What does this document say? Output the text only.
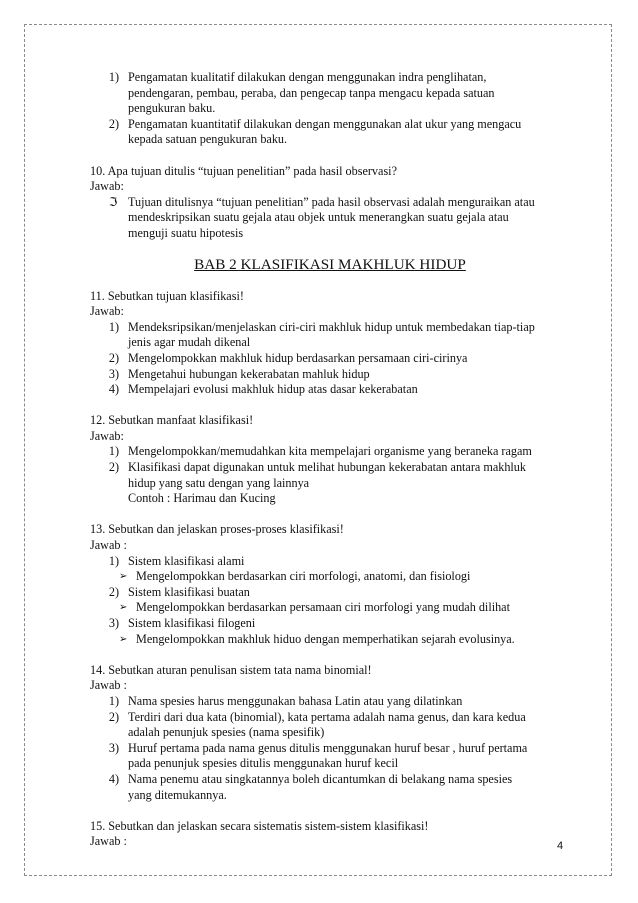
1) Pengamatan kualitatif dilakukan dengan menggunakan indra penglihatan,
pendengaran, pembau, peraba, dan pengecap tanpa mengacu kepada satuan
pengukuran baku.
2) Pengamatan kuantitatif dilakukan dengan menggunakan alat ukur yang mengacu
kepada satuan pengukuran baku.
10. Apa tujuan ditulis “tujuan penelitian” pada hasil observasi?
Jawab:
ℑ Tujuan ditulisnya “tujuan penelitian” pada hasil observasi adalah menguraikan atau
mendeskripsikan suatu gejala atau objek untuk menerangkan suatu gejala atau
menguji suatu hipotesis
BAB 2 KLASIFIKASI MAKHLUK HIDUP
11. Sebutkan tujuan klasifikasi!
Jawab:
1) Mendeksripsikan/menjelaskan ciri-ciri makhluk hidup untuk membedakan tiap-tiap
jenis agar mudah dikenal
2) Mengelompokkan makhluk hidup berdasarkan persamaan ciri-cirinya
3) Mengetahui hubungan kekerabatan mahluk hidup
4) Mempelajari evolusi makhluk hidup atas dasar kekerabatan
12. Sebutkan manfaat klasifikasi!
Jawab:
1) Mengelompokkan/memudahkan kita mempelajari organisme yang beraneka ragam
2) Klasifikasi dapat digunakan untuk melihat hubungan kekerabatan antara makhluk
hidup yang satu dengan yang lainnya
Contoh : Harimau dan Kucing
13. Sebutkan dan jelaskan proses-proses klasifikasi!
Jawab :
1) Sistem klasifikasi alami
➢ Mengelompokkan berdasarkan ciri morfologi, anatomi, dan fisiologi
2) Sistem klasifikasi buatan
➢ Mengelompokkan berdasarkan persamaan ciri morfologi yang mudah dilihat
3) Sistem klasifikasi filogeni
➢ Mengelompokkan makhluk hiduo dengan memperhatikan sejarah evolusinya.
14. Sebutkan aturan penulisan sistem tata nama binomial!
Jawab :
1) Nama spesies harus menggunakan bahasa Latin atau yang dilatinkan
2) Terdiri dari dua kata (binomial), kata pertama adalah nama genus, dan kara kedua
adalah penunjuk spesies (nama spesifik)
3) Huruf pertama pada nama genus ditulis menggunakan huruf besar , huruf pertama
pada penunjuk spesies ditulis menggunakan huruf kecil
4) Nama penemu atau singkatannya boleh dicantumkan di belakang nama spesies
yang ditemukannya.
15. Sebutkan dan jelaskan secara sistematis sistem-sistem klasifikasi!
Jawab :	4
